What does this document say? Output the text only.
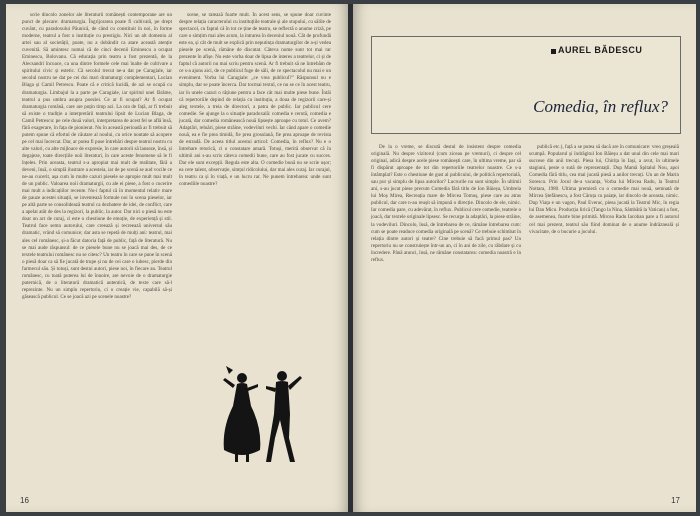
scrie dincolo zonelor ale literaturii românești contemporane are un punct de plecare: dramaturgia. Îngrijorarea poate fi cultivată, pe drept cuvânt, cu paradoxului Păunică, de când cu constituit în noi, în forme moderne, teatrul a fost o instituție cu prestigiu. Nici un alt domeniu al artei sau al societății, poate, nu a dobândit ca atare această atenție cuvenită. Să amintesc numai că de cinci decenii Eminescu a ocupat Eminescu, Bolovanu. Că educația prin teatru a fost prezentă, de la Alecsandri încoace, ca una dintre formele cele mai înalte de cultivare a spiritului civic și estetic. Că secolul trecut ne-a dat pe Caragiale, iar secolul nostru ne dat pe cei doi mari dramaturgi complementari, Lucian Blaga și Camil Petrescu. Poate că e critică lucidă, de azi se ocupă cu dramaturgia. Limbajul la a parte pe Caragiale, iar spiritul unei fărâme, teatrul a pus umbra asupra poeziei. Ce ar fi ocupat? Ar fi ocupat dramaturgia română, care are puțin timp azi. La ora de față, ar fi trebuit să existe o tradiție a interpretării teatrului lipsit de Lucian Blaga, de Camil Petrescu: pe cele două valori, interpretarea de acest fel se află însă, fără exagerare, în fața de pionierat. Nu în această perioadă ar fi trebuit să putem spune că efortul de căutare al noului, cu orice noutate să acopere pe cel mai încercat. Dar, ar putea fi puse întrebări despre teatrul nostru cu alte valori, cu alte mijloace de expresie, în care autorii să lanseze, însă, și degajeze, toate direcțiile noii literaturi, în care aceste fenomene să le fi înțeles. Prin aceasta, teatrul s-a apropiat mai mult de realitate, fără a deveni, însă, o simplă ilustrare a acesteia, iar de pe scenă se aud vocile ce ne-au cucerit, așa cum în multe cazuri piesele se apropie mult mai mult de un public. Valoarea noii dramaturgii, cu ale ei piese, a fost o cucerire mai mult a indicațiilor recente. Nu-i faptul că în momentul relativ mare de pauze acestei situații, se inventează formule noi în scena pieselor, iar pe altă parte se consolidează teatrul ca dezbatere de idei, de conflict, care a apelat atât de des la regizori, la public, la autor. Dar nici o piesă nu este doar un act de curaj, ci este o chestiune de emoție, de experiență și stil. Teatrul face semn autorului, care creează și recreează universul său dramatic, vrând să comunice; dar asta se repetă de mulți ani: teatrul, mai ales cel românesc, și-a făcut datoria față de public, față de literatură. Nu se mai aude răspunsul: de ce piesele bune nu se joacă mai des, de ce textele teatrului românesc nu se citesc? Un teatru în care se pune în scenă o piesă doar ca să fie jucată de trupe și nu de cei care o iubesc, pierde din farmecul său. Și totuși, sunt destui autori, piese noi, în fiecare an. Teatrul românesc, cu toată puterea lui de înnoire, are nevoie de o dramaturgie puternică, de o literatură dramatică autentică, de texte care să-l reprezinte. Nu un simplu repertoriu, ci o creație vie, capabilă să-și găsească publicul. Ce se joacă azi pe scenele noastre?

scene, se ratează foarte mult. În acest sens, se spune doar cuvinte despre relația caracterului cu instituțiile teatrale și ale stupului, cu sălile de spectacol, cu faptul că în tot ce ține de teatru, se reflectă o anume criză, pe care o simțim mai ales acum, la intrarea în deceniul nouă. Cât de profundă este ea, și cât de mult se explică prin neputința dramaturgilor de a-și vedea piesele pe scenă, rămâne de discutat. Câteva nume sunt tot mai rar prezente în afișe. Nu este vorba doar de lipsa de interes a teatrelor, ci și de faptul că autorii nu mai scriu pentru scenă. Ar fi trebuit să ne întrebăm de ce s-a ajuns aici, de ce publicul fuge de săli, de ce spectacolul nu mai e un eveniment. Vorba lui Caragiale: „ce vrea publicul?” Răspunsul nu e simplu, dar se poate încerca. Dar tocmai textul, ce nu se ce în acest teatru, iar în unele cazuri o rățiune pentru a face cât mai multe piese bune. Întâi că repertoriile depind de relația cu instituția, a doua de regizorii care-și aleg textele, a treia de directori, a patra de public. Iar publicul cere comedie. Se ajunge la o situație paradoxală: comedia e cerută, comedia e jucată, dar comedia românească nouă lipsește aproape cu totul. Ce avem? Adaptări, reluări, piese străine, vodeviluri vechi. Iar când apare o comedie nouă, ea e fie prea timidă, fie prea grosolană, fie prea aproape de revista de estradă. De aceea titlul acestui articol: Comedia, în reflux? Nu e o întrebare retorică, ci o constatare amară. Totuși, merită observat că în ultimii ani s-au scris câteva comedii bune, care au fost jucate cu succes. Dar ele sunt excepții. Regula este alta. O comedie bună nu se scrie ușor; ea cere talent, observație, simțul ridicolului, dar mai ales curaj. Iar curajul, în teatru ca și în viață, e un lucru rar. Ne punem întrebarea: unde sunt comediile noastre?

16
AUREL BĂDESCU
Comedia, în reflux?

De la o vreme, se discută destul de insistent despre comedia originală. Nu despre vizitorul (cum ziceau pe vremuri), ci despre cel original, adică despre acele piese românești care, în ultima vreme, par să fi dispărut aproape de tot din repertoriile teatrelor noastre. Ce s-a întâmplat? Este o chestiune de gust al publicului, de politică repertorială, sau pur și simplu de lipsa autorilor? Lucrurile nu sunt simple. În ultimii ani, s-au jucat piese precum Comedia fără titlu de Ion Băieșu, Umbrela lui Moș Mirea, Recreația mare de Mircea Tomuș, piese care au atras publicul, dar care n-au reușit să impună o direcție. Dincolo de ele, nimic. Iar comedia pare, cu adevărat, în reflux. Publicul cere comedie, teatrele o joacă, dar textele originale lipsesc. Se recurge la adaptări, la piese străine, la vodeviluri. Dincolo, însă, de întrebarea de ce, rămâne întrebarea cum: cum se poate readuce comedia originală pe scenă? Ce trebuie schimbat în relația dintre autori și teatre? Cine trebuie să facă primul pas? Un repertoriu nu se construiește într-un an, ci în ani de zile, cu răbdare și cu încredere. Până atunci, însă, ne rămâne constatarea: comedia noastră e în reflux.

publică etc.), față a se putea să dacă are în comunicare: vreo greșeală scumpă. Popularul și îndrăgitul Ion Băieșu a dat unul din cele mai mari succese din anii trecuți. Piesa lui, Chirița în Iași, a avut, în ultimele stagiuni, peste o sută de reprezentații. Dup Mamă Spitalul Nou, apoi Comedia fără titlu, cea mai jucată piesă a anilor trecuți. Un an de Marin Sorescu. Prin Jocul de-a vacanța, Vorba lui Mircea Radu, la Teatrul Nottara, 1980. Ultima premieră cu o comedie mai nouă, semnată de Mircea Ștefănescu, a fost Căruța cu paiațe, iar dincolo de aceasta, nimic. Dup Viața e un vagon, Paul Everac, piesa jucată la Teatrul Mic, în regia lui Dan Micu. Producția lirică (Tango la Nina, Sâmbătă la Vatican) a fost, de asemenea, foarte bine primită. Mircea Radu Iacoban pare a fi autorul cel mai prezent, teatrul său fiind dominat de o anume îndrăzneală și vivacitate, de o bucurie a jocului.

17
